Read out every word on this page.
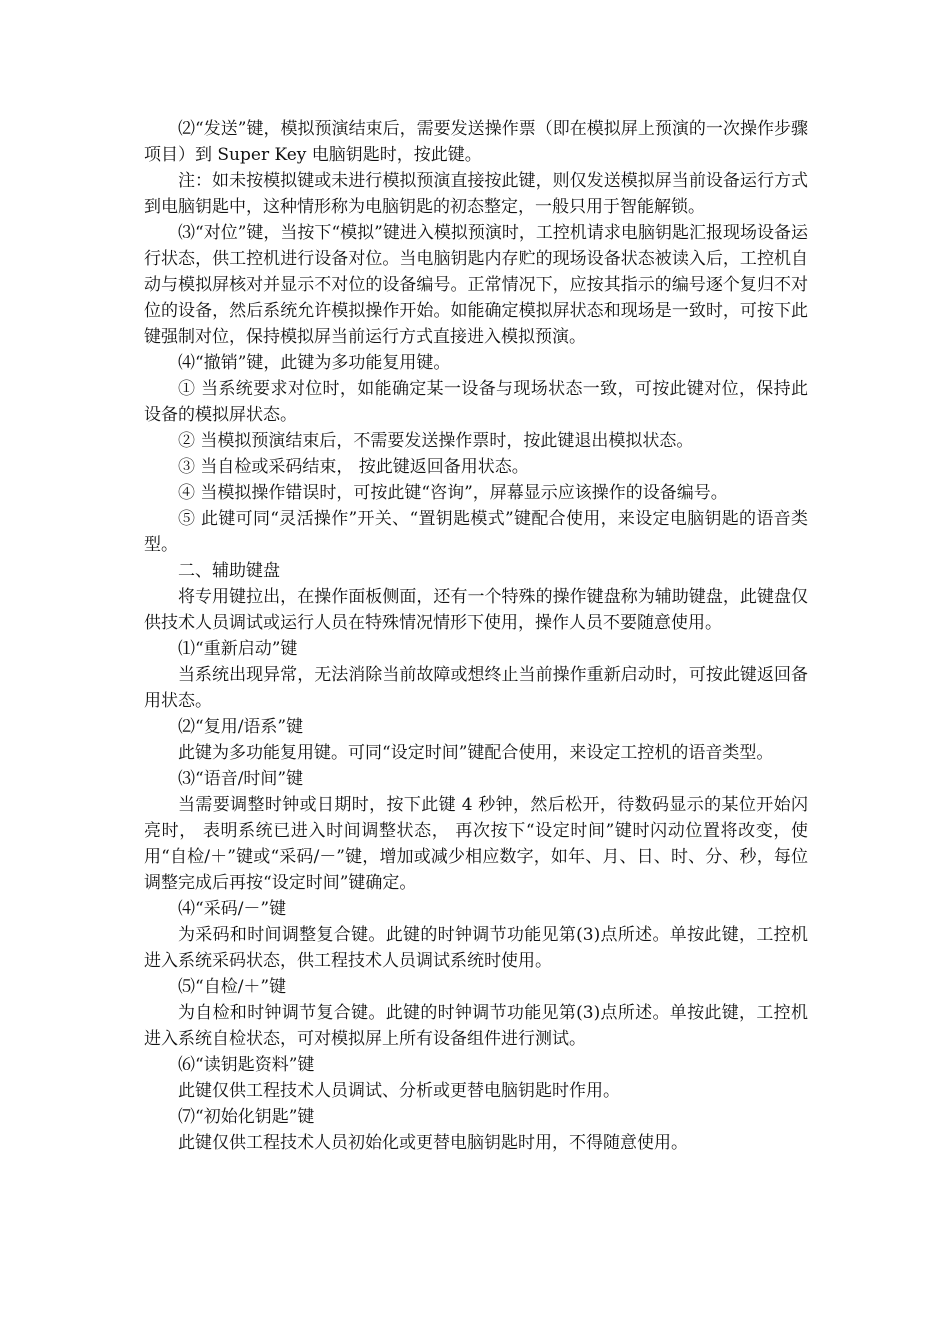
⑵“发送”键，模拟预演结束后，需要发送操作票（即在模拟屏上预演的一次操作步骤项目）到 Super Key 电脑钥匙时，按此键。

注：如未按模拟键或未进行模拟预演直接按此键，则仅发送模拟屏当前设备运行方式到电脑钥匙中，这种情形称为电脑钥匙的初态整定，一般只用于智能解锁。

⑶“对位”键，当按下“模拟”键进入模拟预演时，工控机请求电脑钥匙汇报现场设备运行状态，供工控机进行设备对位。当电脑钥匙内存贮的现场设备状态被读入后，工控机自动与模拟屏核对并显示不对位的设备编号。正常情况下，应按其指示的编号逐个复归不对位的设备，然后系统允许模拟操作开始。如能确定模拟屏状态和现场是一致时，可按下此键强制对位，保持模拟屏当前运行方式直接进入模拟预演。

⑷“撤销”键，此键为多功能复用键。

① 当系统要求对位时，如能确定某一设备与现场状态一致，可按此键对位，保持此设备的模拟屏状态。

② 当模拟预演结束后，不需要发送操作票时，按此键退出模拟状态。

③ 当自检或采码结束， 按此键返回备用状态。

④ 当模拟操作错误时，可按此键“咨询”，屏幕显示应该操作的设备编号。

⑤ 此键可同“灵活操作”开关、“置钥匙模式”键配合使用，来设定电脑钥匙的语音类型。

二、辅助键盘

将专用键拉出，在操作面板侧面，还有一个特殊的操作键盘称为辅助键盘，此键盘仅供技术人员调试或运行人员在特殊情况情形下使用，操作人员不要随意使用。

⑴“重新启动”键

当系统出现异常，无法消除当前故障或想终止当前操作重新启动时，可按此键返回备用状态。

⑵“复用/语系”键

此键为多功能复用键。可同“设定时间”键配合使用，来设定工控机的语音类型。

⑶“语音/时间”键

当需要调整时钟或日期时，按下此键 4 秒钟，然后松开，待数码显示的某位开始闪亮时， 表明系统已进入时间调整状态， 再次按下“设定时间”键时闪动位置将改变，使用“自检/＋”键或“采码/－”键，增加或减少相应数字，如年、月、日、时、分、秒，每位调整完成后再按“设定时间”键确定。

⑷“采码/－”键

为采码和时间调整复合键。此键的时钟调节功能见第(3)点所述。单按此键，工控机进入系统采码状态，供工程技术人员调试系统时使用。

⑸“自检/＋”键

为自检和时钟调节复合键。此键的时钟调节功能见第(3)点所述。单按此键，工控机进入系统自检状态，可对模拟屏上所有设备组件进行测试。

⑹“读钥匙资料”键

此键仅供工程技术人员调试、分析或更替电脑钥匙时作用。

⑺“初始化钥匙”键

此键仅供工程技术人员初始化或更替电脑钥匙时用，不得随意使用。
